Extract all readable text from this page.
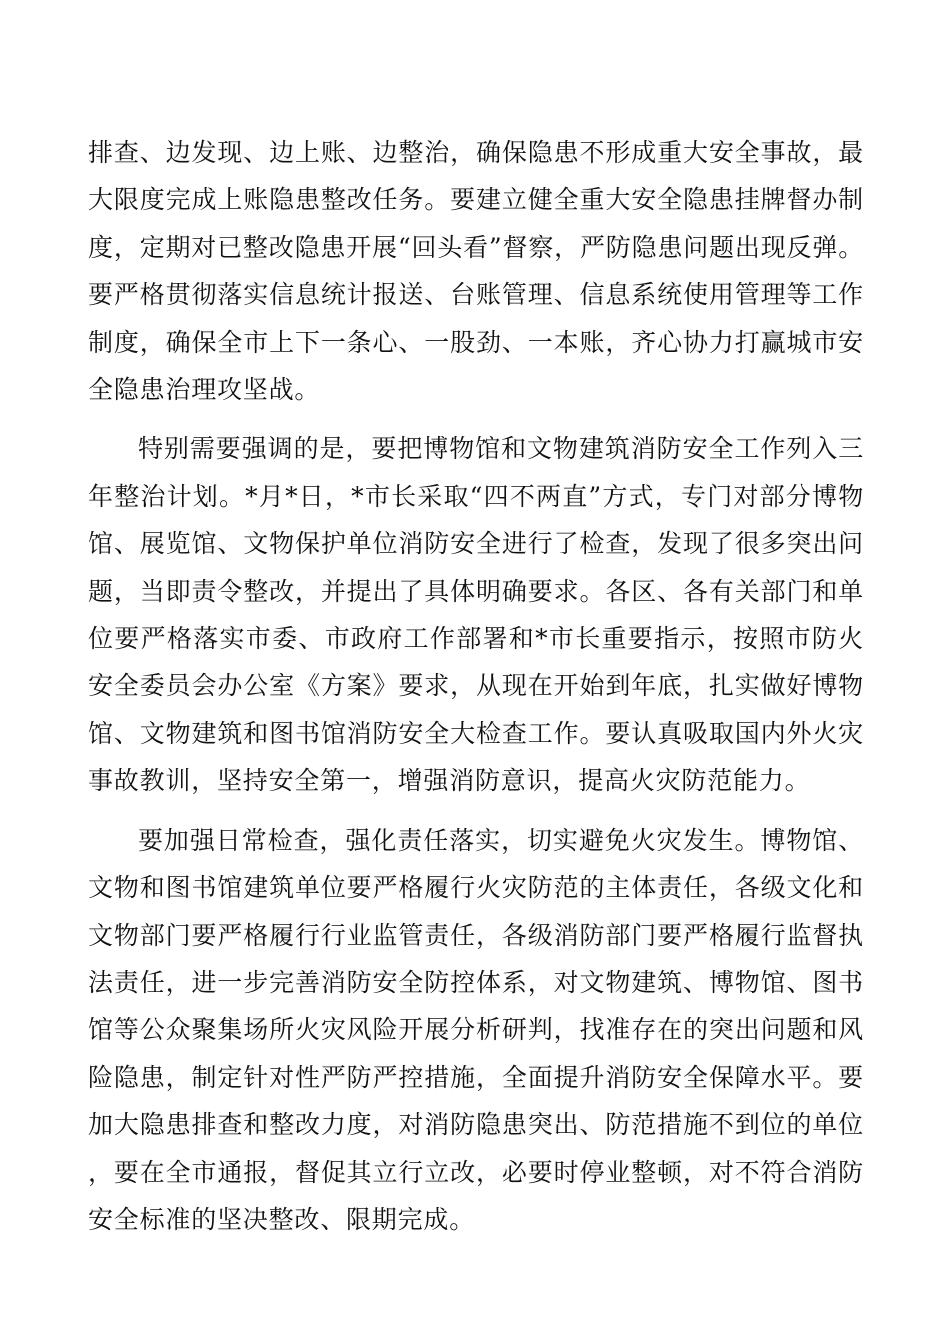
排查、边发现、边上账、边整治，确保隐患不形成重大安全事故，最大限度完成上账隐患整改任务。要建立健全重大安全隐患挂牌督办制度，定期对已整改隐患开展“回头看”督察，严防隐患问题出现反弹。要严格贯彻落实信息统计报送、台账管理、信息系统使用管理等工作制度，确保全市上下一条心、一股劲、一本账，齐心协力打赢城市安全隐患治理攻坚战。

特别需要强调的是，要把博物馆和文物建筑消防安全工作列入三年整治计划。*月*日，*市长采取“四不两直”方式，专门对部分博物馆、展览馆、文物保护单位消防安全进行了检查，发现了很多突出问题，当即责令整改，并提出了具体明确要求。各区、各有关部门和单位要严格落实市委、市政府工作部署和*市长重要指示，按照市防火安全委员会办公室《方案》要求，从现在开始到年底，扎实做好博物馆、文物建筑和图书馆消防安全大检查工作。要认真吸取国内外火灾事故教训，坚持安全第一，增强消防意识，提高火灾防范能力。

要加强日常检查，强化责任落实，切实避免火灾发生。博物馆、文物和图书馆建筑单位要严格履行火灾防范的主体责任，各级文化和文物部门要严格履行行业监管责任，各级消防部门要严格履行监督执法责任，进一步完善消防安全防控体系，对文物建筑、博物馆、图书馆等公众聚集场所火灾风险开展分析研判，找准存在的突出问题和风险隐患，制定针对性严防严控措施，全面提升消防安全保障水平。要加大隐患排查和整改力度，对消防隐患突出、防范措施不到位的单位，要在全市通报，督促其立行立改，必要时停业整顿，对不符合消防安全标准的坚决整改、限期完成。
